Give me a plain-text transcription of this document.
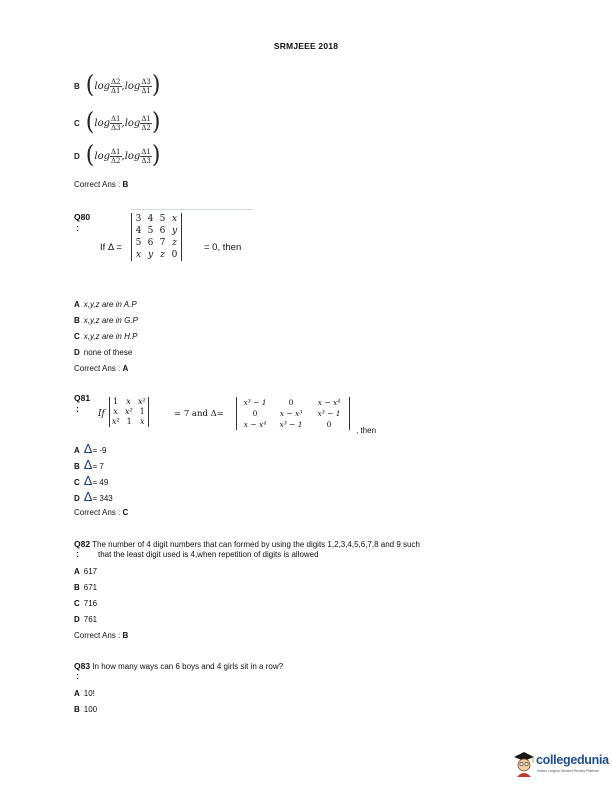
SRMJEEE 2018
B ( $\log \frac{\Delta 2}{\Delta 1}$ , $\log \frac{\Delta 3}{\Delta 1}$ )
C ( $\log \frac{\Delta 1}{\Delta 3}$ , $\log \frac{\Delta 1}{\Delta 2}$ )
D ( $\log \frac{\Delta 1}{\Delta 2}$ , $\log \frac{\Delta 1}{\Delta 3}$ )
Correct Ans : B
Q80
:
If Δ =
3 4 5 x
4 5 6 y
5 6 7 z
x y z 0
= 0, then
A x,y,z are in A.P
B x,y,z are in G.P
C x,y,z are in H.P
D none of these
Correct Ans : A
Q81
: If
1 x x²
x x² 1
x² 1 x
= 7 and Δ=
x³ − 1	0	x − x⁴
0	x − x³	x³ − 1
x − x⁴	x³ − 1	0
, then
A Δ= -9
B Δ= 7
C Δ= 49
D Δ= 343
Correct Ans : C
Q82 The number of 4 digit numbers that can formed by using the digits 1,2,3,4,5,6,7,8 and 9 such
: that the least digit used is 4,when repetition of digits is allowed
A 617
B 671
C 716
D 761
Correct Ans : B
Q83 In how many ways can 6 boys and 4 girls sit in a row?
:
A 10!
B 100
collegedunia
India's Largest Student Review Platform
